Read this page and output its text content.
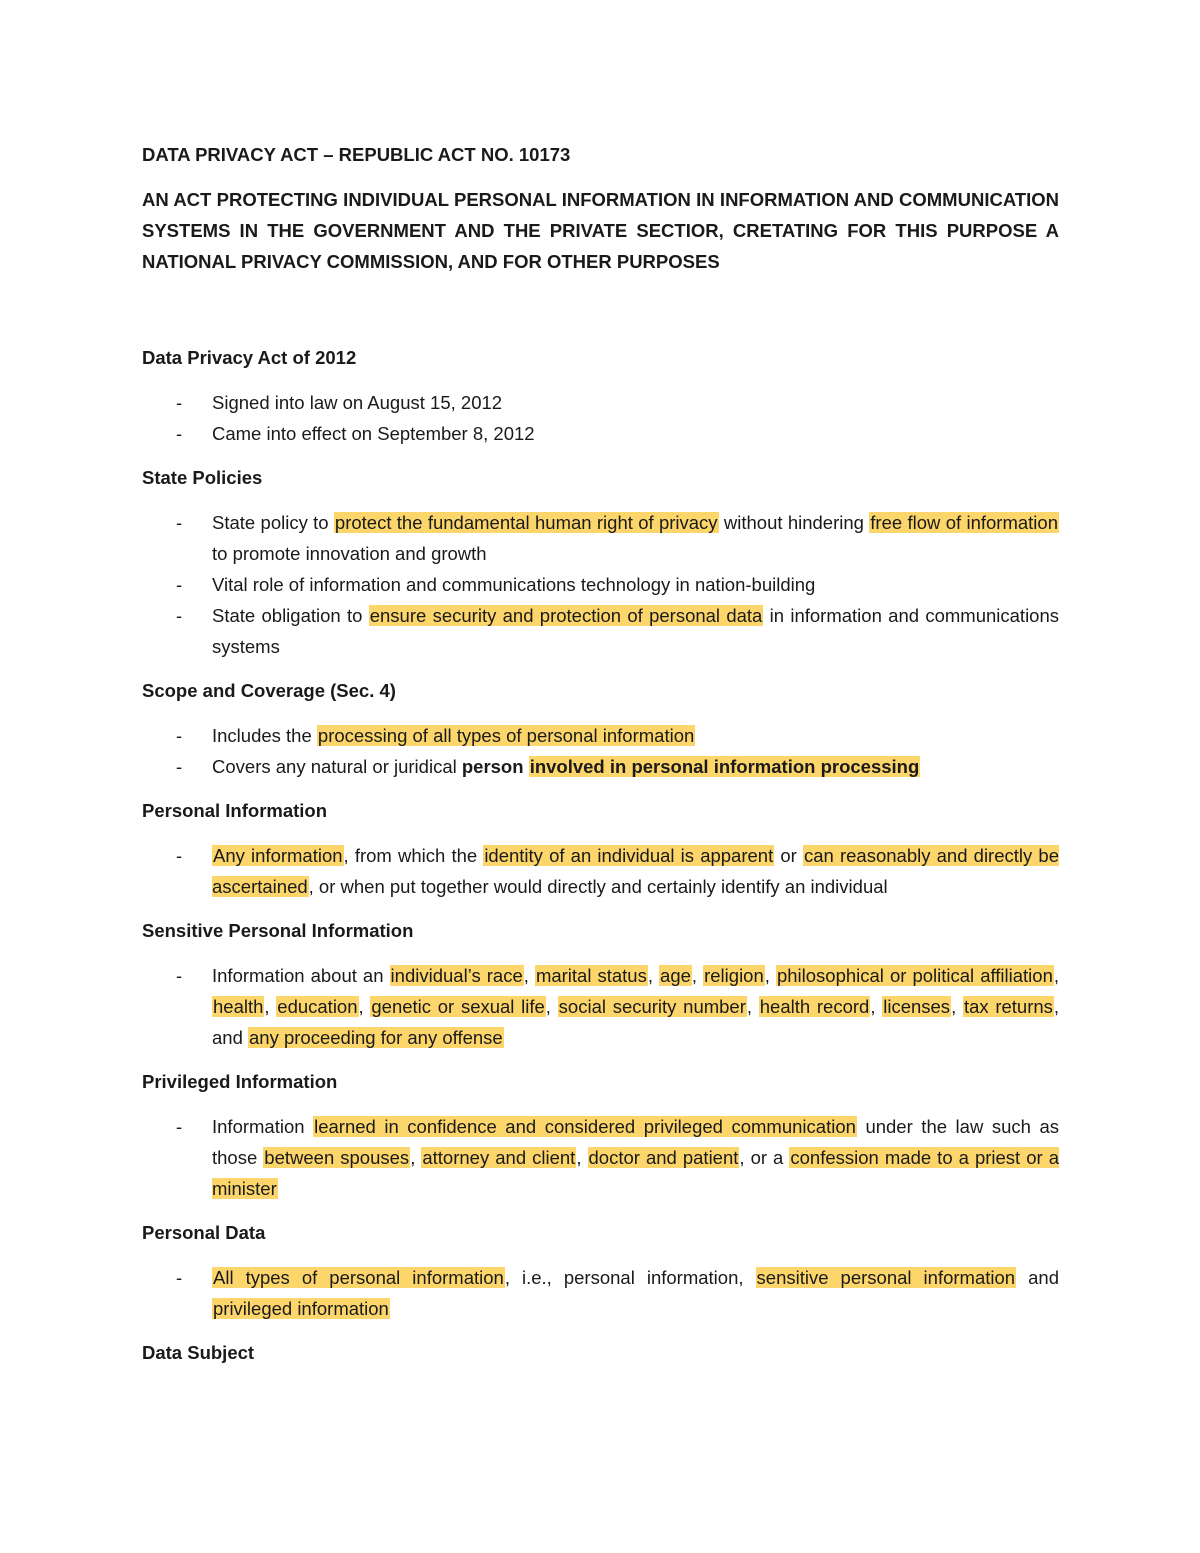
DATA PRIVACY ACT – REPUBLIC ACT NO. 10173

AN ACT PROTECTING INDIVIDUAL PERSONAL INFORMATION IN INFORMATION AND COMMUNICATION SYSTEMS IN THE GOVERNMENT AND THE PRIVATE SECTIOR, CRETATING FOR THIS PURPOSE A NATIONAL PRIVACY COMMISSION, AND FOR OTHER PURPOSES

Data Privacy Act of 2012

- Signed into law on August 15, 2012
- Came into effect on September 8, 2012

State Policies

- State policy to protect the fundamental human right of privacy without hindering free flow of information to promote innovation and growth
- Vital role of information and communications technology in nation-building
- State obligation to ensure security and protection of personal data in information and communications systems

Scope and Coverage (Sec. 4)

- Includes the processing of all types of personal information
- Covers any natural or juridical person involved in personal information processing

Personal Information

- Any information, from which the identity of an individual is apparent or can reasonably and directly be ascertained, or when put together would directly and certainly identify an individual

Sensitive Personal Information

- Information about an individual’s race, marital status, age, religion, philosophical or political affiliation, health, education, genetic or sexual life, social security number, health record, licenses, tax returns, and any proceeding for any offense

Privileged Information

- Information learned in confidence and considered privileged communication under the law such as those between spouses, attorney and client, doctor and patient, or a confession made to a priest or a minister

Personal Data

- All types of personal information, i.e., personal information, sensitive personal information and privileged information

Data Subject
